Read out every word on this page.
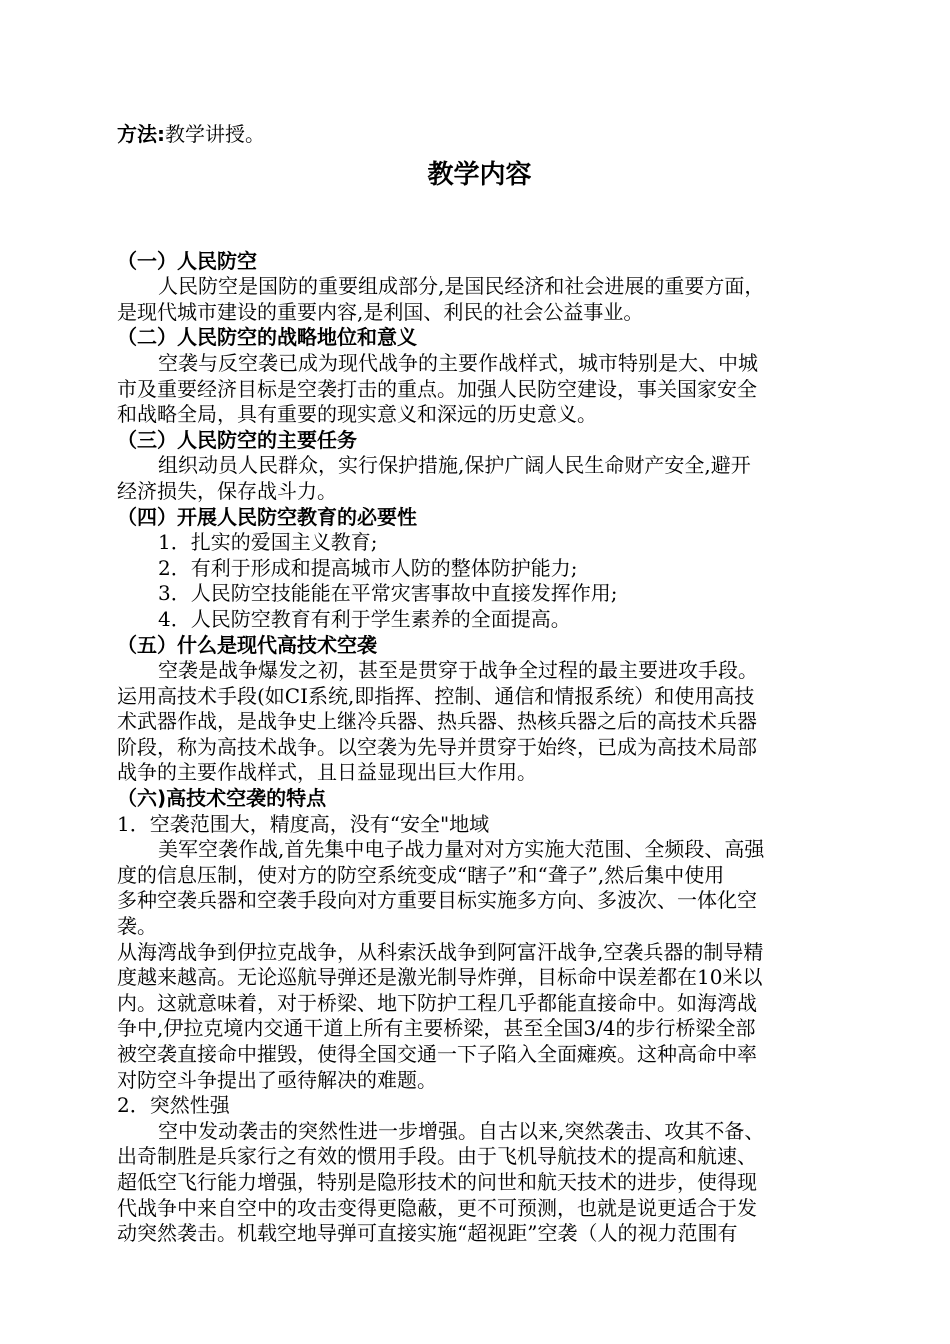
方法:教学讲授。
教学内容
（一）人民防空
人民防空是国防的重要组成部分,是国民经济和社会进展的重要方面，
是现代城市建设的重要内容,是利国、利民的社会公益事业。
（二）人民防空的战略地位和意义
空袭与反空袭已成为现代战争的主要作战样式，城市特别是大、中城
市及重要经济目标是空袭打击的重点。加强人民防空建设，事关国家安全
和战略全局，具有重要的现实意义和深远的历史意义。
（三）人民防空的主要任务
组织动员人民群众，实行保护措施,保护广阔人民生命财产安全,避开
经济损失，保存战斗力。
（四）开展人民防空教育的必要性
1．扎实的爱国主义教育;
2．有利于形成和提高城市人防的整体防护能力;
3．人民防空技能能在平常灾害事故中直接发挥作用;
4．人民防空教育有利于学生素养的全面提高。
（五）什么是现代高技术空袭
空袭是战争爆发之初，甚至是贯穿于战争全过程的最主要进攻手段。
运用高技术手段(如CI系统,即指挥、控制、通信和情报系统）和使用高技
术武器作战，是战争史上继冷兵器、热兵器、热核兵器之后的高技术兵器
阶段，称为高技术战争。以空袭为先导并贯穿于始终，已成为高技术局部
战争的主要作战样式，且日益显现出巨大作用。
（六)高技术空袭的特点
1．空袭范围大，精度高，没有“安全"地域
美军空袭作战,首先集中电子战力量对对方实施大范围、全频段、高强
度的信息压制，使对方的防空系统变成“瞎子”和“聋子”,然后集中使用
多种空袭兵器和空袭手段向对方重要目标实施多方向、多波次、一体化空
袭。
从海湾战争到伊拉克战争，从科索沃战争到阿富汗战争,空袭兵器的制导精
度越来越高。无论巡航导弹还是激光制导炸弹，目标命中误差都在10米以
内。这就意味着，对于桥梁、地下防护工程几乎都能直接命中。如海湾战
争中,伊拉克境内交通干道上所有主要桥梁，甚至全国3/4的步行桥梁全部
被空袭直接命中摧毁，使得全国交通一下子陷入全面瘫痪。这种高命中率
对防空斗争提出了亟待解决的难题。
2．突然性强
空中发动袭击的突然性进一步增强。自古以来,突然袭击、攻其不备、
出奇制胜是兵家行之有效的惯用手段。由于飞机导航技术的提高和航速、
超低空飞行能力增强，特别是隐形技术的问世和航天技术的进步，使得现
代战争中来自空中的攻击变得更隐蔽，更不可预测，也就是说更适合于发
动突然袭击。机载空地导弹可直接实施“超视距”空袭（人的视力范围有
